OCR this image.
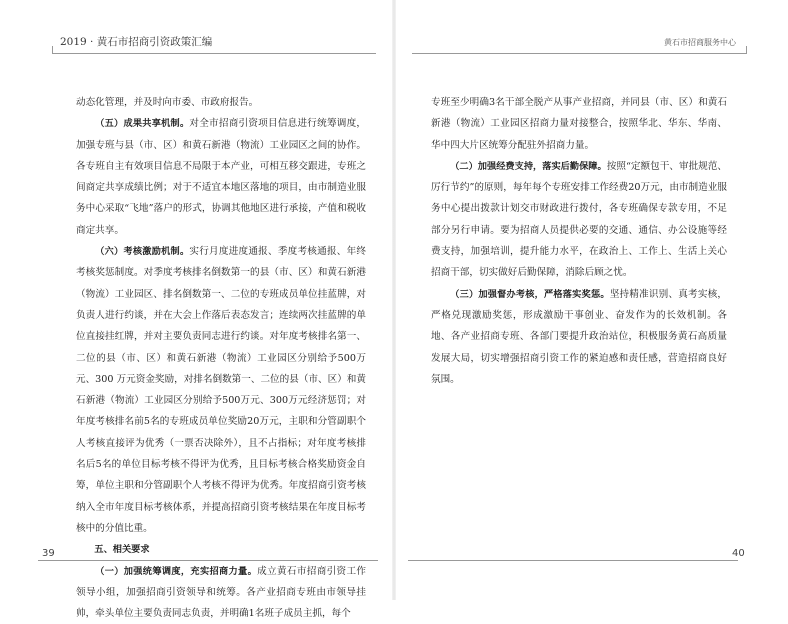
2019 · 黄石市招商引资政策汇编	黄石市招商服务中心

动态化管理，并及时向市委、市政府报告。

（五）成果共享机制。对全市招商引资项目信息进行统筹调度，加强专班与县（市、区）和黄石新港（物流）工业园区之间的协作。各专班自主有效项目信息不局限于本产业，可相互移交跟进，专班之间商定共享成绩比例；对于不适宜本地区落地的项目，由市制造业服务中心采取“飞地”落户的形式，协调其他地区进行承接，产值和税收商定共享。

（六）考核激励机制。实行月度进度通报、季度考核通报、年终考核奖惩制度。对季度考核排名倒数第一的县（市、区）和黄石新港（物流）工业园区、排名倒数第一、二位的专班成员单位挂蓝牌，对负责人进行约谈，并在大会上作落后表态发言；连续两次挂蓝牌的单位直接挂红牌，并对主要负责同志进行约谈。对年度考核排名第一、二位的县（市、区）和黄石新港（物流）工业园区分别给予500万元、300 万元资金奖励，对排名倒数第一、二位的县（市、区）和黄石新港（物流）工业园区分别给予500万元、300万元经济惩罚；对年度考核排名前5名的专班成员单位奖励20万元，主职和分管副职个人考核直接评为优秀（一票否决除外），且不占指标；对年度考核排名后5名的单位目标考核不得评为优秀，且目标考核合格奖励资金自筹，单位主职和分管副职个人考核不得评为优秀。年度招商引资考核纳入全市年度目标考核体系，并提高招商引资考核结果在年度目标考核中的分值比重。

五、相关要求

（一）加强统筹调度，充实招商力量。成立黄石市招商引资工作领导小组，加强招商引资领导和统筹。各产业招商专班由市领导挂帅，牵头单位主要负责同志负责，并明确1名班子成员主抓，每个

专班至少明确3名干部全脱产从事产业招商，并同县（市、区）和黄石新港（物流）工业园区招商力量对接整合，按照华北、华东、华南、华中四大片区统筹分配驻外招商力量。

（二）加强经费支持，落实后勤保障。按照“定额包干、审批规范、厉行节约”的原则，每年每个专班安排工作经费20万元，由市制造业服务中心提出拨款计划交市财政进行拨付，各专班确保专款专用，不足部分另行申请。要为招商人员提供必要的交通、通信、办公设施等经费支持，加强培训，提升能力水平，在政治上、工作上、生活上关心招商干部，切实做好后勤保障，消除后顾之忧。

（三）加强督办考核，严格落实奖惩。坚持精准识别、真考实核，严格兑现激励奖惩，形成激励干事创业、奋发作为的长效机制。各地、各产业招商专班、各部门要提升政治站位，积极服务黄石高质量发展大局，切实增强招商引资工作的紧迫感和责任感，营造招商良好氛围。

39	40
